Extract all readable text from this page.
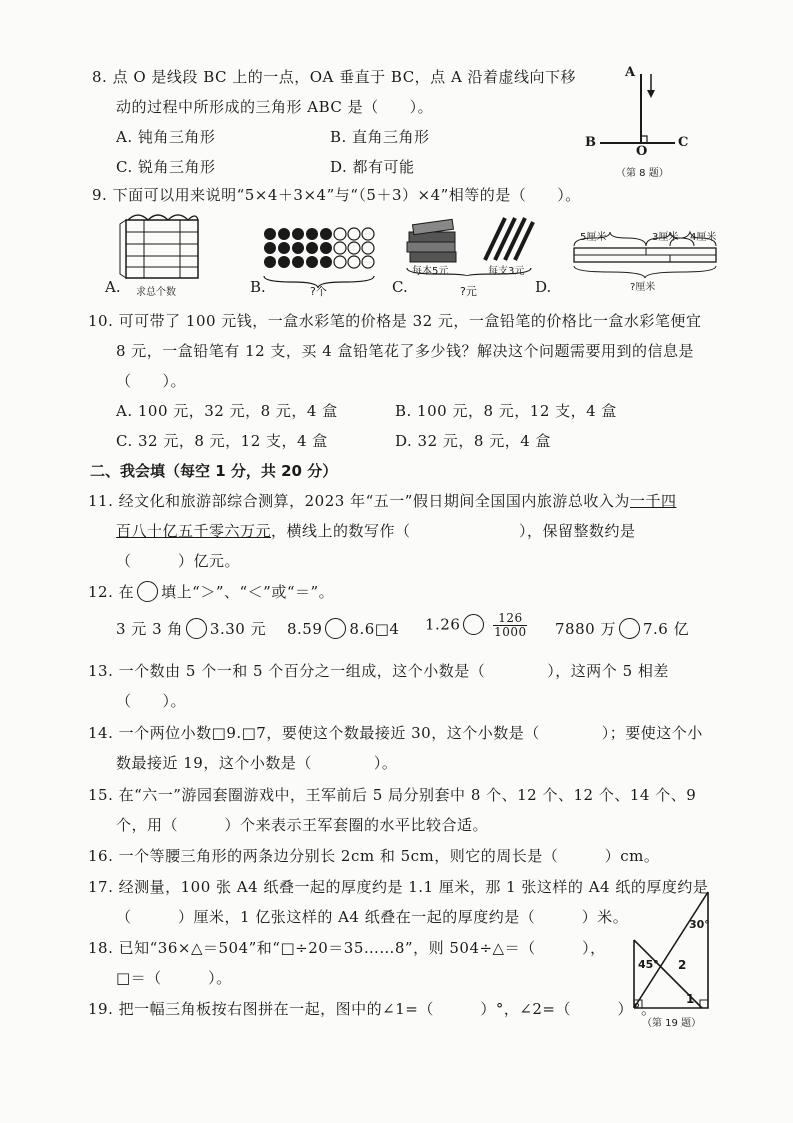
8. 点 O 是线段 BC 上的一点，OA 垂直于 BC，点 A 沿着虚线向下移
动的过程中所形成的三角形 ABC 是（　　）。
A. 钝角三角形	B. 直角三角形
C. 锐角三角形	D. 都有可能
A
B	C
O
（第 8 题）
9. 下面可以用来说明“5×4＋3×4”与“（5＋3）×4”相等的是（　　）。
求总个数
A.	?个
B.
每本5元	每支3元
?元
C.
5厘米	3厘米 4厘米
?厘米
D.
10. 可可带了 100 元钱，一盒水彩笔的价格是 32 元，一盒铅笔的价格比一盒水彩笔便宜
8 元，一盒铅笔有 12 支，买 4 盒铅笔花了多少钱？解决这个问题需要用到的信息是
（　　）。
A. 100 元，32 元，8 元，4 盒	B. 100 元，8 元，12 支，4 盒
C. 32 元，8 元，12 支，4 盒	D. 32 元，8 元，4 盒
二、我会填（每空 1 分，共 20 分）
11. 经文化和旅游部综合测算，2023 年“五一”假日期间全国国内旅游总收入为一千四
百八十亿五千零六万元，横线上的数写作（　　　　　　　），保留整数约是
（　　　）亿元。
12. 在 填上“＞”、“＜”或“＝”。
3 元 3 角 3.30 元 8.59 8.6□4 1.26	$\frac{126}{1000} 7880$ 万 7.6 亿
13. 一个数由 5 个一和 5 个百分之一组成，这个小数是（　　　　），这两个 5 相差
（　　）。
14. 一个两位小数□9.□7，要使这个数最接近 30，这个小数是（　　　　）；要使这个小
数最接近 19，这个小数是（　　　　）。
15. 在“六一”游园套圈游戏中，王军前后 5 局分别套中 8 个、12 个、12 个、14 个、9
个，用（　　　）个来表示王军套圈的水平比较合适。
16. 一个等腰三角形的两条边分别长 2cm 和 5cm，则它的周长是（　　　）cm。
17. 经测量，100 张 A4 纸叠一起的厚度约是 1.1 厘米，那 1 张这样的 A4 纸的厚度约是
（　　　）厘米，1 亿张这样的 A4 纸叠在一起的厚度约是（　　　）米。
18. 已知“36×△＝504”和“□÷20＝35……8”，则 504÷△＝（　　　），
□＝（　　　）。
19. 把一幅三角板按右图拼在一起，图中的∠1=（　　　）°，∠2=（　　　）°。
30°
45° 2
1
（第 19 题）
